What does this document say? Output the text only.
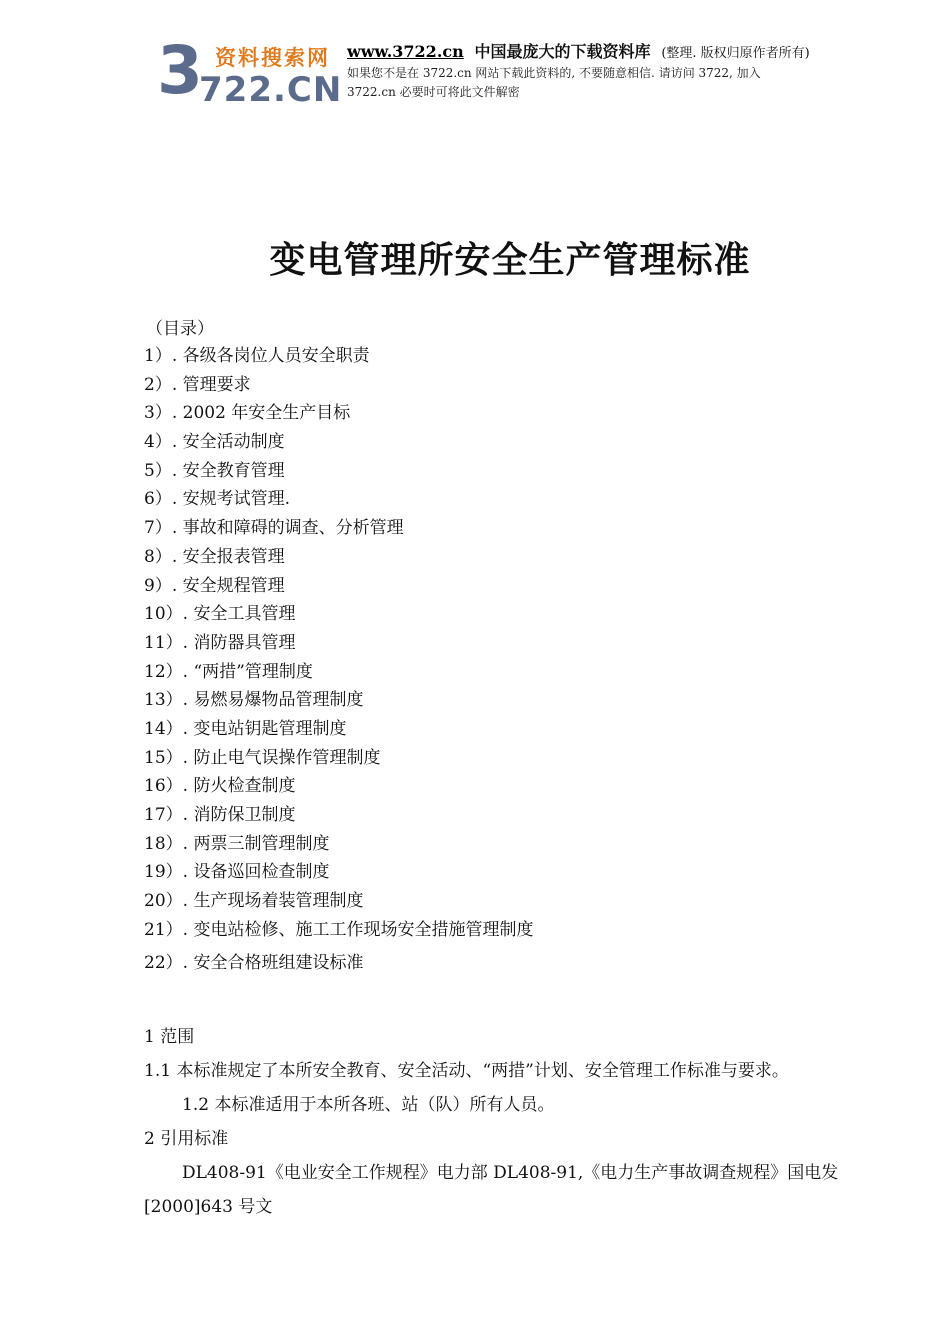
3 资料搜索网
722.CN
www.3722.cn 中国最庞大的下载资料库 (整理. 版权归原作者所有)
如果您不是在 3722.cn 网站下载此资料的, 不要随意相信. 请访问 3722, 加入
3722.cn 必要时可将此文件解密
变电管理所安全生产管理标准
（目录）
1）. 各级各岗位人员安全职责
2）. 管理要求
3）. 2002 年安全生产目标
4）. 安全活动制度
5）. 安全教育管理
6）. 安规考试管理.
7）. 事故和障碍的调查、分析管理
8）. 安全报表管理
9）. 安全规程管理
10）. 安全工具管理
11）. 消防器具管理
12）. “两措”管理制度
13）. 易燃易爆物品管理制度
14）. 变电站钥匙管理制度
15）. 防止电气误操作管理制度
16）. 防火检查制度
17）. 消防保卫制度
18）. 两票三制管理制度
19）. 设备巡回检查制度
20）. 生产现场着装管理制度
21）. 变电站检修、施工工作现场安全措施管理制度
22）. 安全合格班组建设标准
1 范围
1.1 本标准规定了本所安全教育、安全活动、“两措”计划、安全管理工作标准与要求。
1.2 本标准适用于本所各班、站（队）所有人员。
2 引用标准
DL408-91《电业安全工作规程》电力部 DL408-91,《电力生产事故调查规程》国电发[2000]643 号文
